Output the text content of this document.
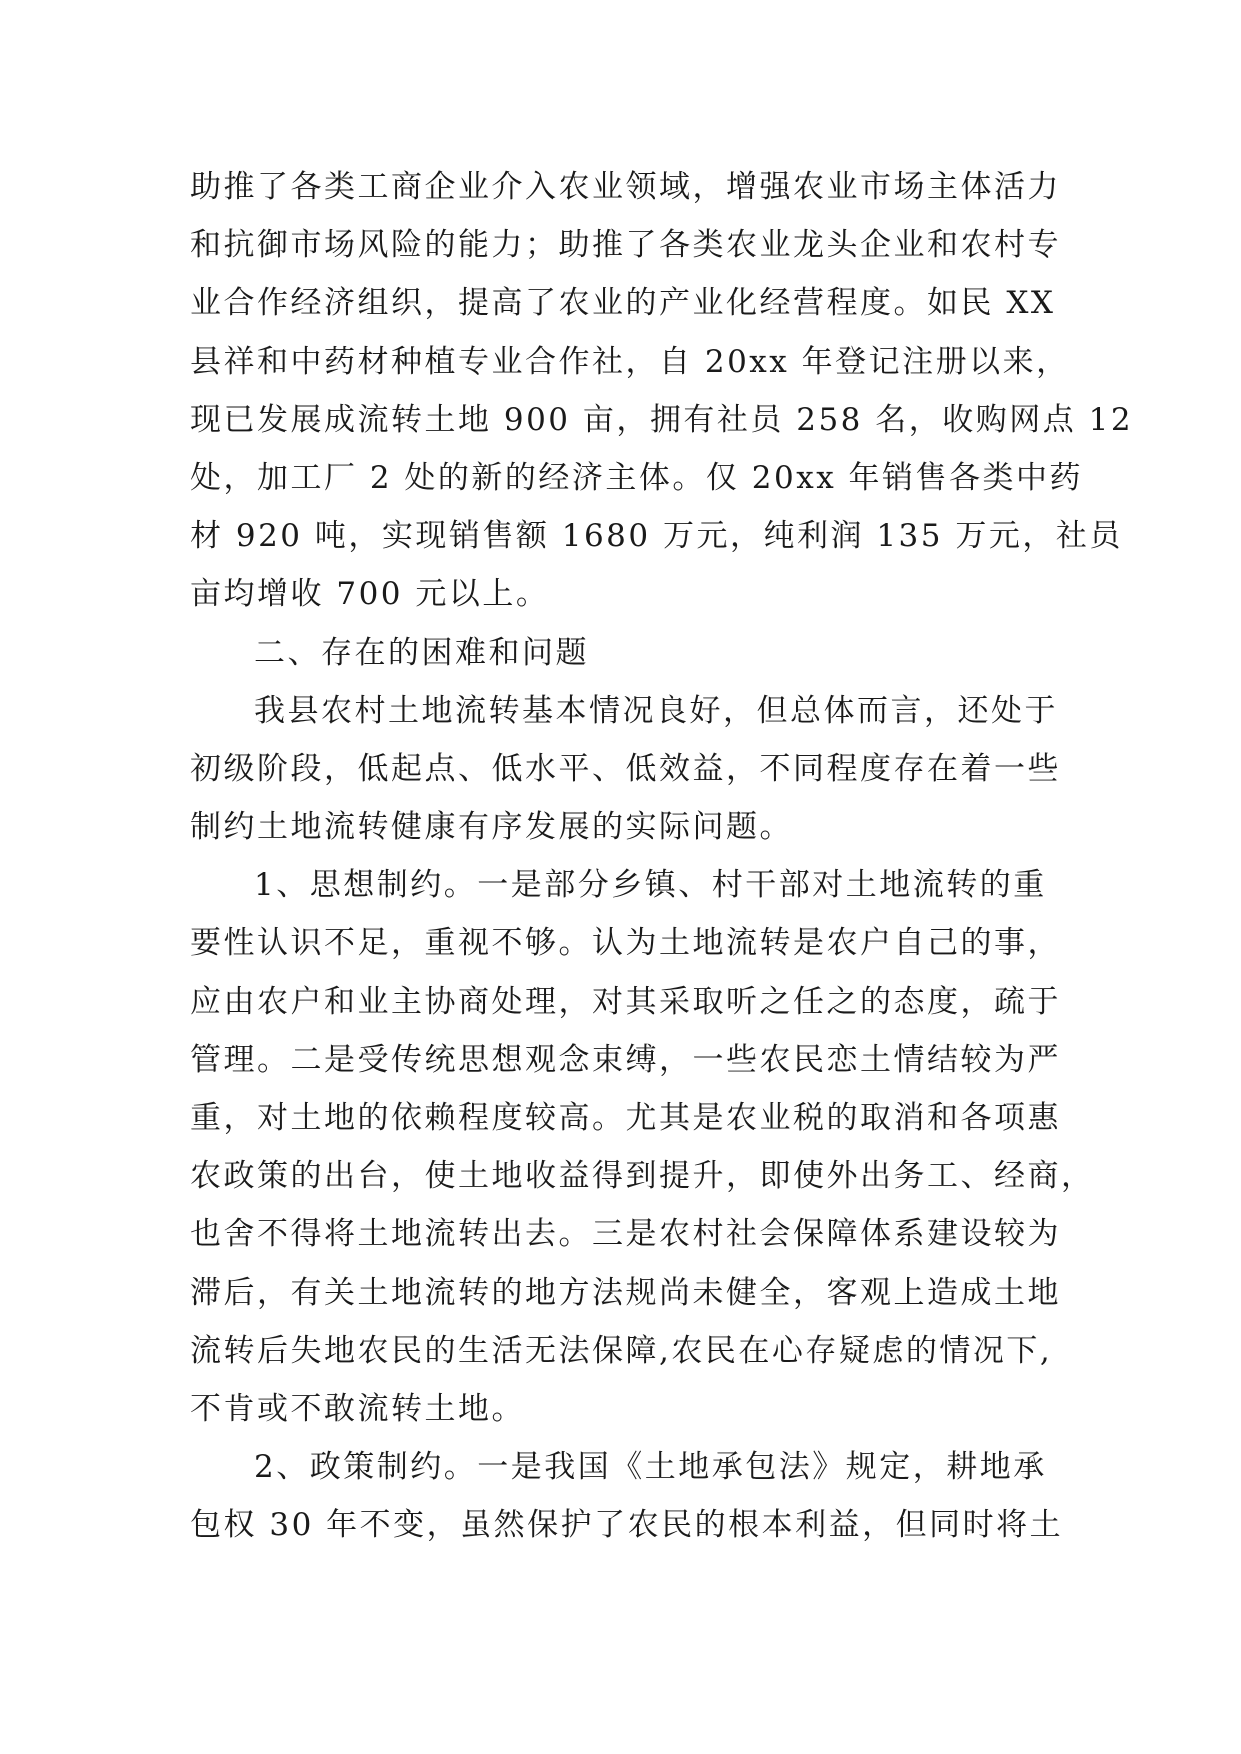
助推了各类工商企业介入农业领域，增强农业市场主体活力
和抗御市场风险的能力；助推了各类农业龙头企业和农村专
业合作经济组织，提高了农业的产业化经营程度。如民 XX
县祥和中药材种植专业合作社，自 20xx 年登记注册以来，
现已发展成流转土地 900 亩，拥有社员 258 名，收购网点 12
处，加工厂 2 处的新的经济主体。仅 20xx 年销售各类中药
材 920 吨，实现销售额 1680 万元，纯利润 135 万元，社员
亩均增收 700 元以上。
二、存在的困难和问题
我县农村土地流转基本情况良好，但总体而言，还处于
初级阶段，低起点、低水平、低效益，不同程度存在着一些
制约土地流转健康有序发展的实际问题。
1、思想制约。一是部分乡镇、村干部对土地流转的重
要性认识不足，重视不够。认为土地流转是农户自己的事，
应由农户和业主协商处理，对其采取听之任之的态度，疏于
管理。二是受传统思想观念束缚，一些农民恋土情结较为严
重，对土地的依赖程度较高。尤其是农业税的取消和各项惠
农政策的出台，使土地收益得到提升，即使外出务工、经商，
也舍不得将土地流转出去。三是农村社会保障体系建设较为
滞后，有关土地流转的地方法规尚未健全，客观上造成土地
流转后失地农民的生活无法保障,农民在心存疑虑的情况下,
不肯或不敢流转土地。
2、政策制约。一是我国《土地承包法》规定，耕地承
包权 30 年不变，虽然保护了农民的根本利益，但同时将土
